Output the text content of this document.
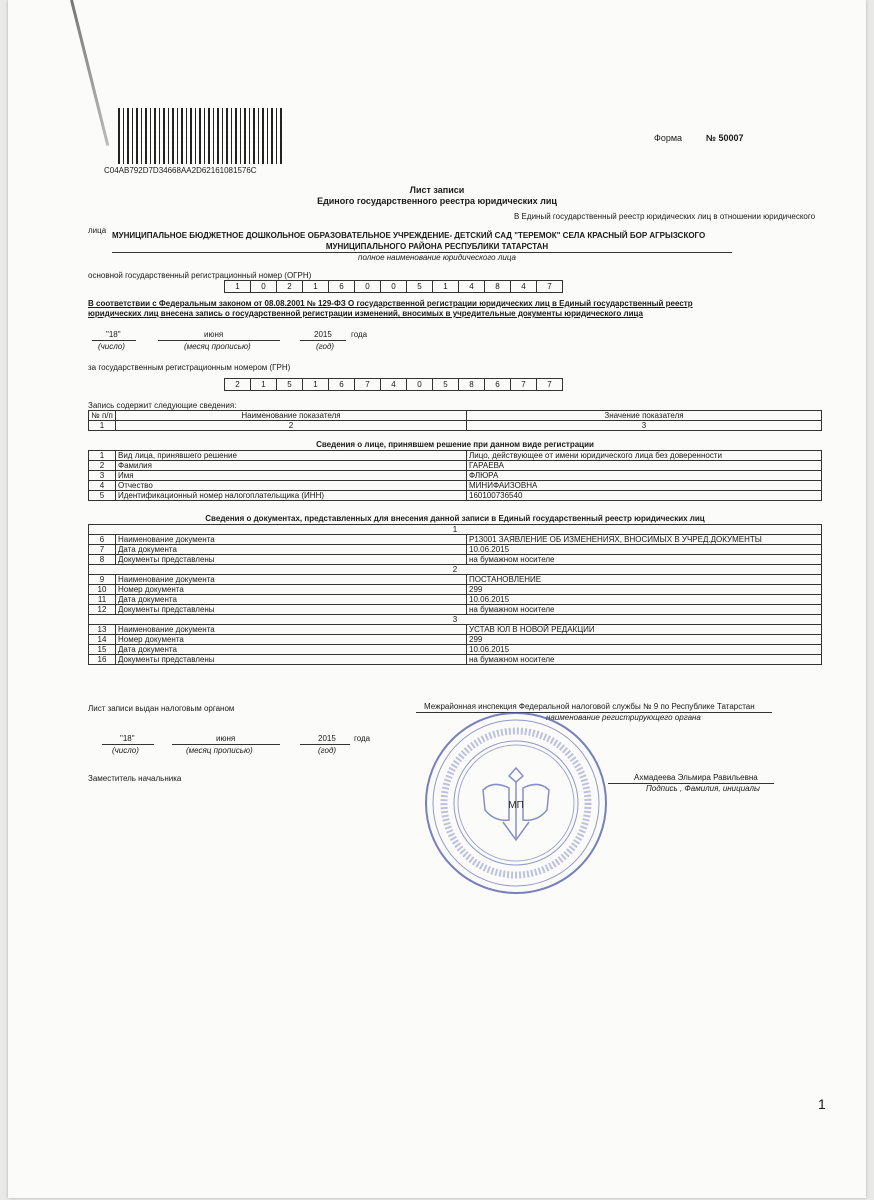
C04AB792D7D34668AA2D62161081576C
Форма	№ 50007
Лист записи
Единого государственного реестра юридических лиц
В Единый государственный реестр юридических лиц в отношении юридического
лица
МУНИЦИПАЛЬНОЕ БЮДЖЕТНОЕ ДОШКОЛЬНОЕ ОБРАЗОВАТЕЛЬНОЕ УЧРЕЖДЕНИЕ- ДЕТСКИЙ САД "ТЕРЕМОК" СЕЛА КРАСНЫЙ БОР АГРЫЗСКОГО
МУНИЦИПАЛЬНОГО РАЙОНА РЕСПУБЛИКИ ТАТАРСТАН
полное наименование юридического лица
основной государственный регистрационный номер (ОГРН)
1	0	2	1	6	0	0	5	1	4	8	4	7
В соответствии с Федеральным законом от 08.08.2001 № 129-ФЗ О государственной регистрации юридических лиц в Единый государственный реестр
юридических лиц внесена запись о государственной регистрации изменений, вносимых в учредительные документы юридического лица
"18"	июня	2015 года
(число)	(месяц прописью)	(год)
за государственным регистрационным номером (ГРН)
2	1	5	1	6	7	4	0	5	8	6	7	7
Запись содержит следующие сведения:
№ п/п	Наименование показателя	Значение показателя
1	2	3
Сведения о лице, принявшем решение при данном виде регистрации
1	Вид лица, принявшего решение	Лицо, действующее от имени юридического лица без доверенности
2	Фамилия	ГАРАЕВА
3	Имя	ФЛЮРА
4	Отчество	МИНИФАИЗОВНА
5	Идентификационный номер налогоплательщика (ИНН)	160100736540
Сведения о документах, представленных для внесения данной записи в Единый государственный реестр юридических лиц
1		
6	Наименование документа	Р13001 ЗАЯВЛЕНИЕ ОБ ИЗМЕНЕНИЯХ, ВНОСИМЫХ В УЧРЕД.ДОКУМЕНТЫ
7	Дата документа	10.06.2015
8	Документы представлены	на бумажном носителе
2		
9	Наименование документа	ПОСТАНОВЛЕНИЕ
10	Номер документа	299
11	Дата документа	10.06.2015
12	Документы представлены	на бумажном носителе
3		
13	Наименование документа	УСТАВ ЮЛ В НОВОЙ РЕДАКЦИИ
14	Номер документа	299
15	Дата документа	10.06.2015
16	Документы представлены	на бумажном носителе
Лист записи выдан налоговым органом	Межрайонная инспекция Федеральной налоговой службы № 9 по Республике Татарстан
наименование регистрирующего органа
"18"	июня	2015 года
(число)	(месяц прописью)	(год)
Заместитель начальника	Ахмадеева Эльмира Равильевна
Подпись , Фамилия, инициалы
МП
1
